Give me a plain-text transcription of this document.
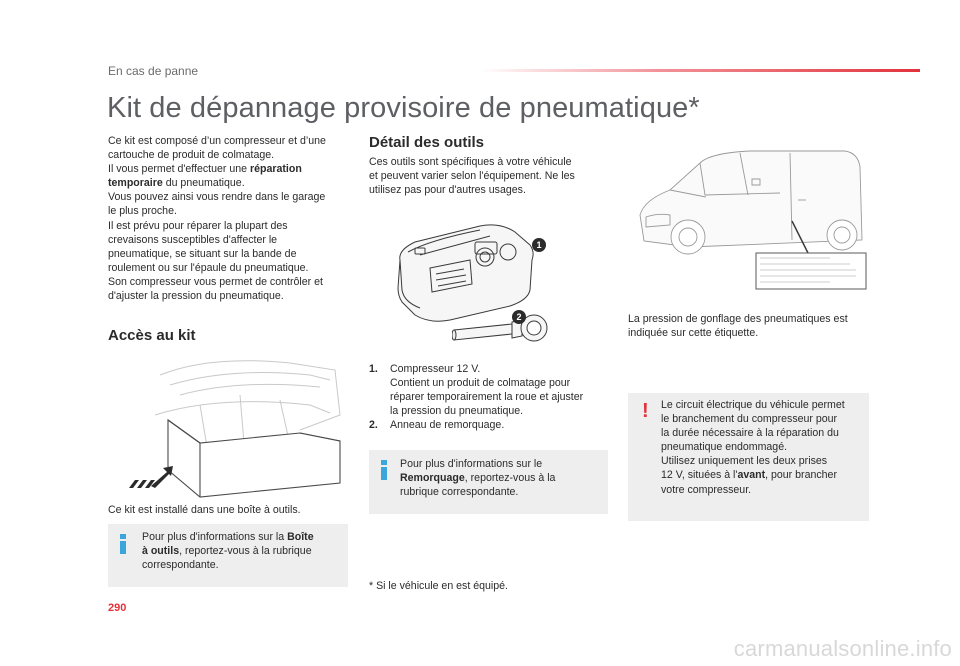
En cas de panne
Kit de dépannage provisoire de pneumatique*

Ce kit est composé d’un compresseur et d’une

cartouche de produit de colmatage.

Il vous permet d'effectuer une réparation

temporaire du pneumatique.

Vous pouvez ainsi vous rendre dans le garage

le plus proche.

Il est prévu pour réparer la plupart des

crevaisons susceptibles d'affecter le

pneumatique, se situant sur la bande de

roulement ou sur l'épaule du pneumatique.

Son compresseur vous permet de contrôler et

d'ajuster la pression du pneumatique.

Accès au kit
Ce kit est installé dans une boîte à outils.
Pour plus d'informations sur la Boîte
à outils, reportez-vous à la rubrique
correspondante.
Détail des outils
Ces outils sont spécifiques à votre véhicule
et peuvent varier selon l'équipement. Ne les
utilisez pas pour d'autres usages.
1
2
1. Compresseur 12 V.
Contient un produit de colmatage pour
réparer temporairement la roue et ajuster
la pression du pneumatique.
2. Anneau de remorquage.
Pour plus d'informations sur le
Remorquage, reportez-vous à la
rubrique correspondante.
* Si le véhicule en est équipé.
La pression de gonflage des pneumatiques est
indiquée sur cette étiquette.
! Le circuit électrique du véhicule permet
le branchement du compresseur pour
la durée nécessaire à la réparation du
pneumatique endommagé.
Utilisez uniquement les deux prises
12 V, situées à l'avant, pour brancher
votre compresseur.
290
carmanualsonline.info
